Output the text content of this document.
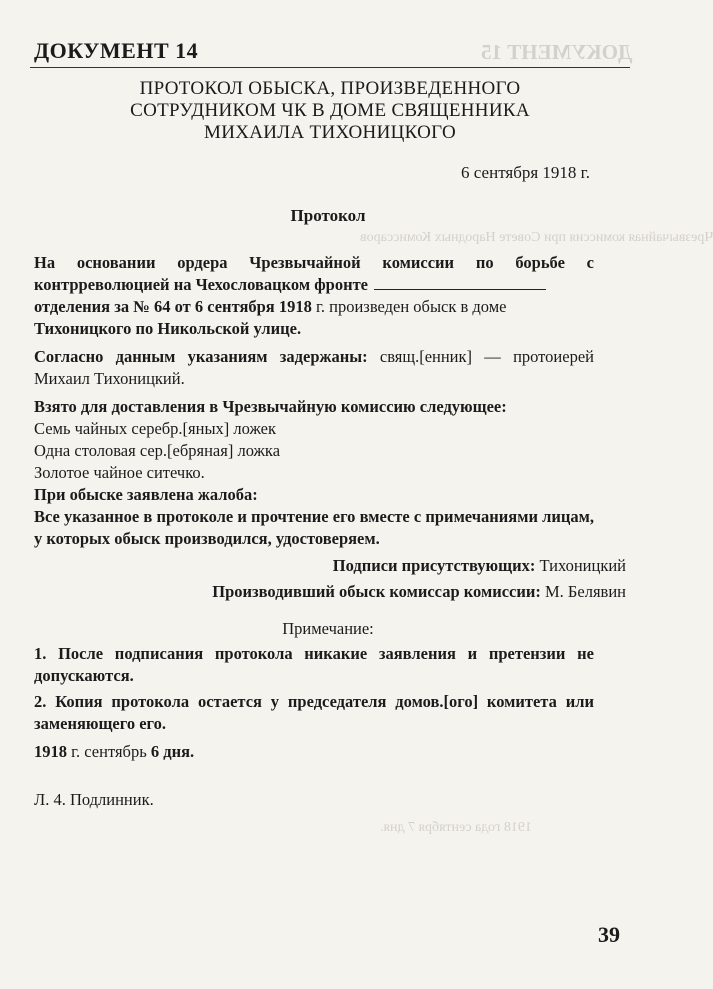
ДОКУМЕНТ 15
Чрезвычайная комиссия при Совете Народных Комиссаров
1918 года сентября 7 дня.
ДОКУМЕНТ 14
ПРОТОКОЛ ОБЫСКА, ПРОИЗВЕДЕННОГО
СОТРУДНИКОМ ЧК В ДОМЕ СВЯЩЕННИКА
МИХАИЛА ТИХОНИЦКОГО
6 сентября 1918 г.
Протокол

На основании ордера Чрезвычайной комиссии по борьбе с контрреволюцией на Чехословацком фронте
отделения за № 64 от 6 сентября 1918 г. произведен обыск в доме
Тихоницкого по Никольской улице.

Согласно данным указаниям задержаны: свящ.[енник] — протоиерей Михаил Тихоницкий.

Взято для доставления в Чрезвычайную комиссию следующее:

Семь чайных серебр.[яных] ложек

Одна столовая сер.[ебряная] ложка

Золотое чайное ситечко.

При обыске заявлена жалоба:

Все указанное в протоколе и прочтение его вместе с примечаниями лицам, у которых обыск производился, удостоверяем.

Подписи присутствующих: Тихоницкий
Производивший обыск комиссар комиссии: М. Белявин
Примечание:

1. После подписания протокола никакие заявления и претензии не допускаются.

2. Копия протокола остается у председателя домов.[ого] комитета или заменяющего его.

1918 г. сентябрь 6 дня.
Л. 4. Подлинник.
39
